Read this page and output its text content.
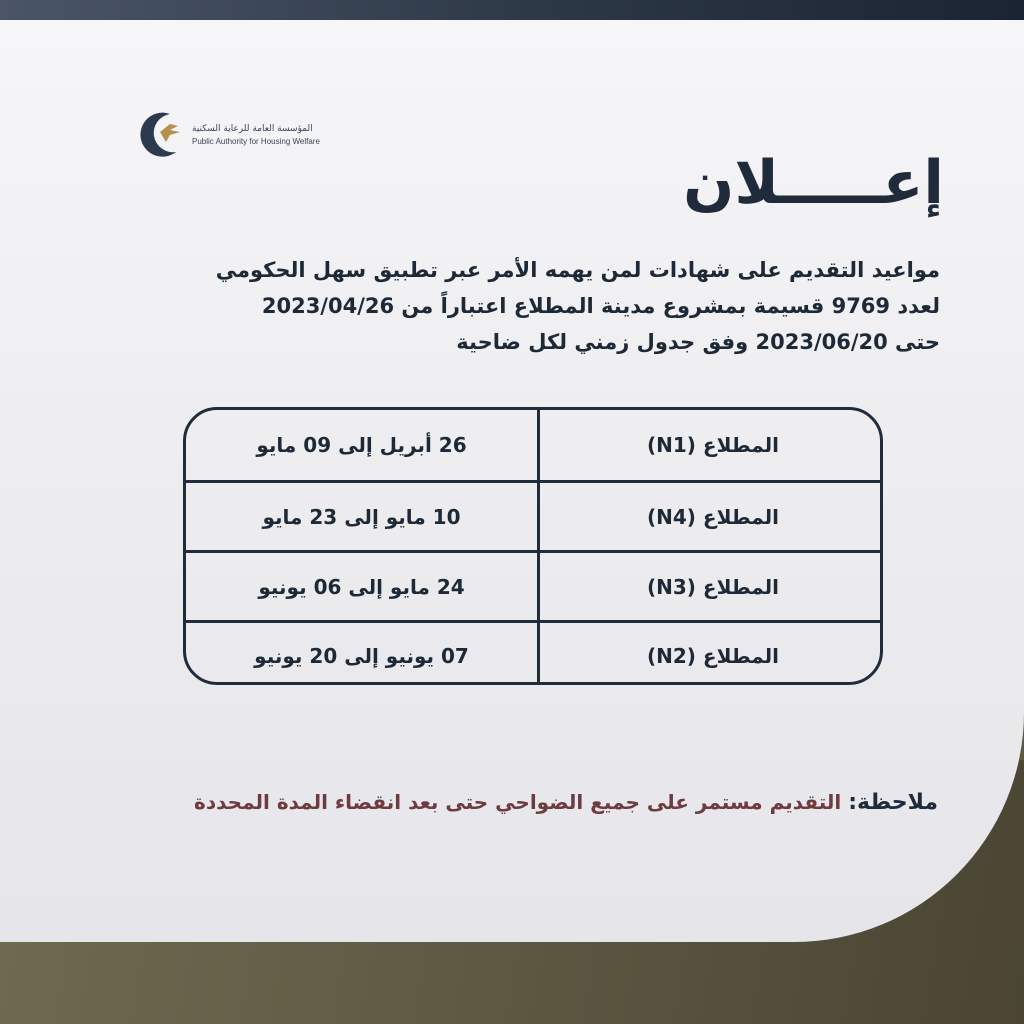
المؤسسة العامة للرعاية السكنية
Public Authority for Housing Welfare
إعـــــلان
مواعيد التقديم على شهادات لمن يهمه الأمر عبر تطبيق سهل الحكومي
لعدد 9769 قسيمة بمشروع مدينة المطلاع اعتباراً من 2023/04/26
حتى 2023/06/20 وفق جدول زمني لكل ضاحية
26 أبريل إلى 09 مايو	المطلاع (N1)
10 مايو إلى 23 مايو	المطلاع (N4)
24 مايو إلى 06 يونيو	المطلاع (N3)
07 يونيو إلى 20 يونيو	المطلاع (N2)
ملاحظة: التقديم مستمر على جميع الضواحي حتى بعد انقضاء المدة المحددة
